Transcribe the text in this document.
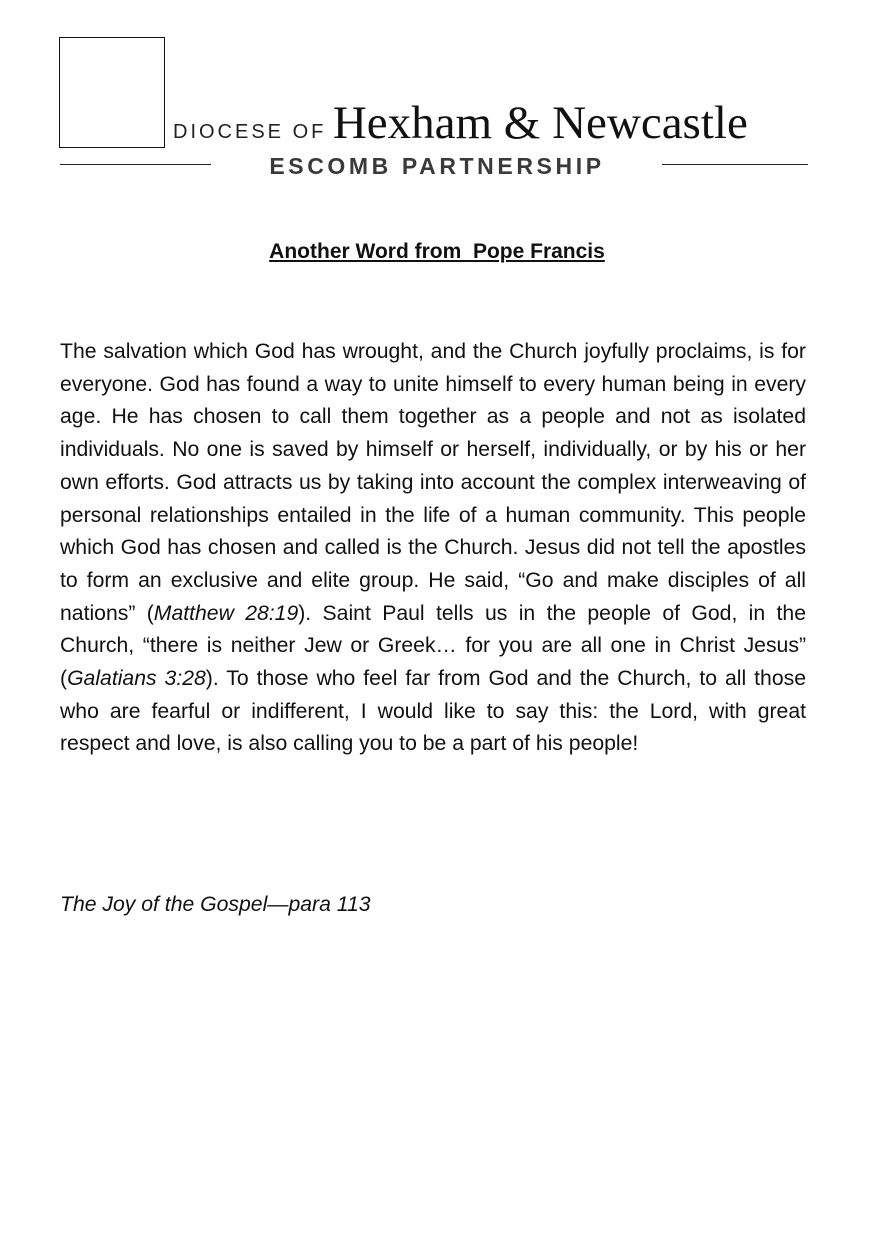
DIOCESE OF Hexham & Newcastle
ESCOMB PARTNERSHIP
Another Word from  Pope Francis
The salvation which God has wrought, and the Church joyfully proclaims, is for everyone. God has found a way to unite himself to every human being in every age. He has chosen to call them together as a people and not as isolated individuals. No one is saved by himself or herself, individually, or by his or her own efforts. God attracts us by taking into account the complex interweaving of personal relationships entailed in the life of a human community. This people which God has chosen and called is the Church. Jesus did not tell the apostles to form an exclusive and elite group. He said, “Go and make disciples of all nations” (Matthew 28:19). Saint Paul tells us in the people of God, in the Church, “there is neither Jew or Greek… for you are all one in Christ Jesus” (Galatians 3:28). To those who feel far from God and the Church, to all those who are fearful or indifferent, I would like to say this: the Lord, with great respect and love, is also calling you to be a part of his people!
The Joy of the Gospel—para 113
